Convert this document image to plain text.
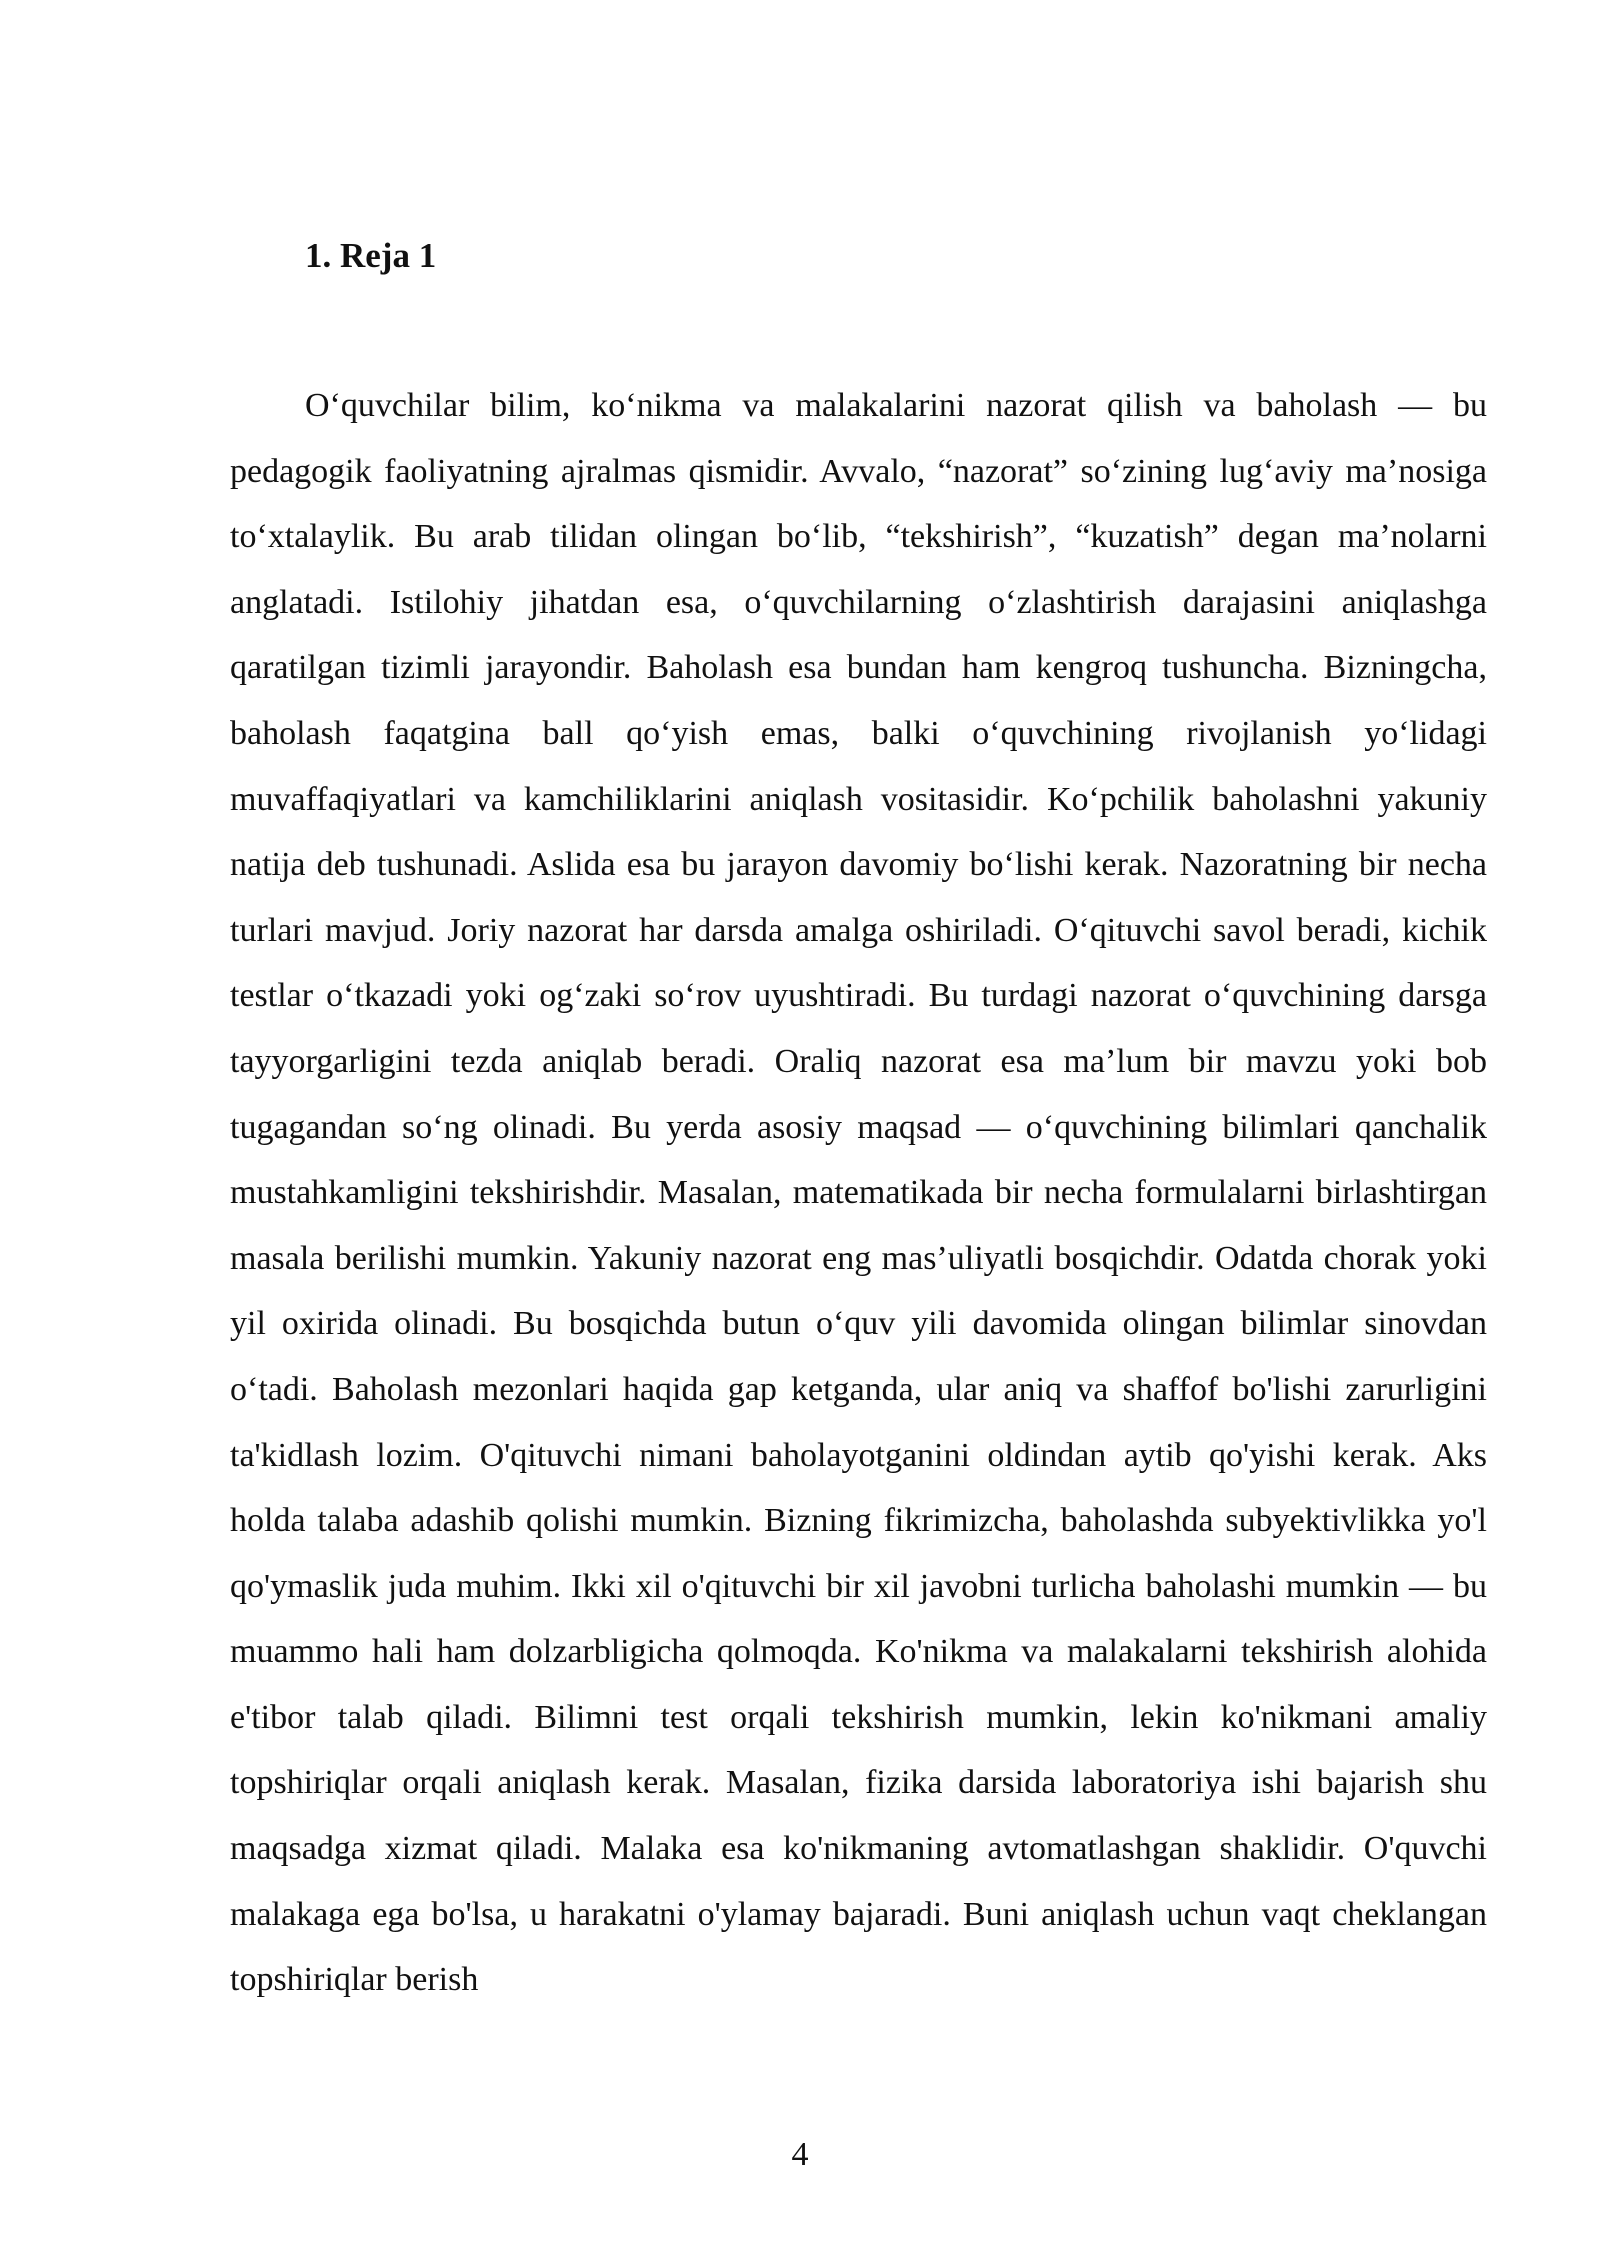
1. Reja 1

O‘quvchilar bilim, ko‘nikma va malakalarini nazorat qilish va baholash — bu pedagogik faoliyatning ajralmas qismidir. Avvalo, “nazorat” so‘zining lug‘aviy ma’nosiga to‘xtalaylik. Bu arab tilidan olingan bo‘lib, “tekshirish”, “kuzatish” degan ma’nolarni anglatadi. Istilohiy jihatdan esa, o‘quvchilarning o‘zlashtirish darajasini aniqlashga qaratilgan tizimli jarayondir. Baholash esa bundan ham kengroq tushuncha. Bizningcha, baholash faqatgina ball qo‘yish emas, balki o‘quvchining rivojlanish yo‘lidagi muvaffaqiyatlari va kamchiliklarini aniqlash vositasidir. Ko‘pchilik baholashni yakuniy natija deb tushunadi. Aslida esa bu jarayon davomiy bo‘lishi kerak. Nazoratning bir necha turlari mavjud. Joriy nazorat har darsda amalga oshiriladi. O‘qituvchi savol beradi, kichik testlar o‘tkazadi yoki og‘zaki so‘rov uyushtiradi. Bu turdagi nazorat o‘quvchining darsga tayyorgarligini tezda aniqlab beradi. Oraliq nazorat esa ma’lum bir mavzu yoki bob tugagandan so‘ng olinadi. Bu yerda asosiy maqsad — o‘quvchining bilimlari qanchalik mustahkamligini tekshirishdir. Masalan, matematikada bir necha formulalarni birlashtirgan masala berilishi mumkin. Yakuniy nazorat eng mas’uliyatli bosqichdir. Odatda chorak yoki yil oxirida olinadi. Bu bosqichda butun o‘quv yili davomida olingan bilimlar sinovdan o‘tadi. Baholash mezonlari haqida gap ketganda, ular aniq va shaffof bo'lishi zarurligini ta'kidlash lozim. O'qituvchi nimani baholayotganini oldindan aytib qo'yishi kerak. Aks holda talaba adashib qolishi mumkin. Bizning fikrimizcha, baholashda subyektivlikka yo'l qo'ymaslik juda muhim. Ikki xil o'qituvchi bir xil javobni turlicha baholashi mumkin — bu muammo hali ham dolzarbligicha qolmoqda. Ko'nikma va malakalarni tekshirish alohida e'tibor talab qiladi. Bilimni test orqali tekshirish mumkin, lekin ko'nikmani amaliy topshiriqlar orqali aniqlash kerak. Masalan, fizika darsida laboratoriya ishi bajarish shu maqsadga xizmat qiladi. Malaka esa ko'nikmaning avtomatlashgan shaklidir. O'quvchi malakaga ega bo'lsa, u harakatni o'ylamay bajaradi. Buni aniqlash uchun vaqt cheklangan topshiriqlar berish

4
